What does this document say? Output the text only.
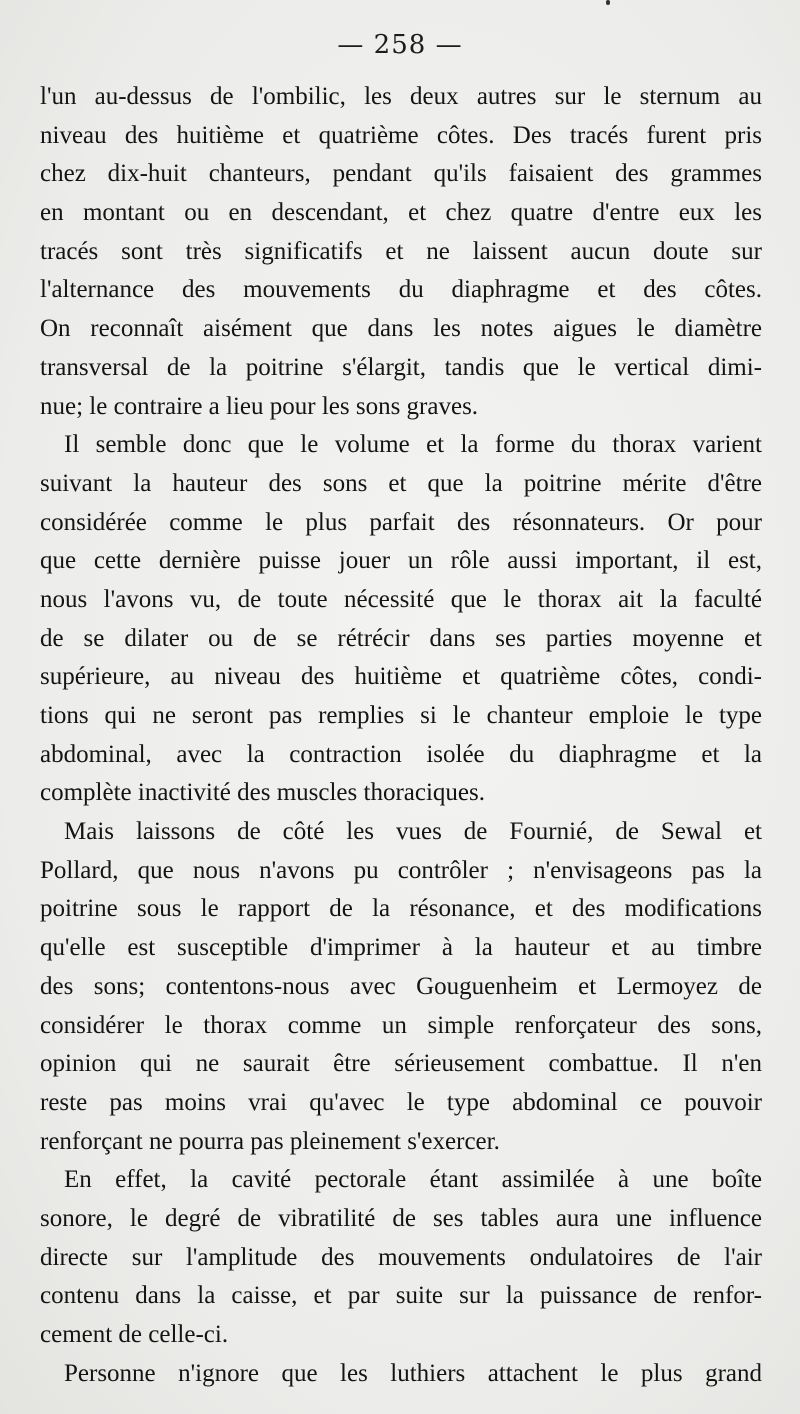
— 258 —
l'un au-dessus de l'ombilic, les deux autres sur le sternum au
niveau des huitième et quatrième côtes. Des tracés furent pris
chez dix-huit chanteurs, pendant qu'ils faisaient des grammes
en montant ou en descendant, et chez quatre d'entre eux les
tracés sont très significatifs et ne laissent aucun doute sur
l'alternance des mouvements du diaphragme et des côtes.
On reconnaît aisément que dans les notes aigues le diamètre
transversal de la poitrine s'élargit, tandis que le vertical dimi-
nue; le contraire a lieu pour les sons graves.
Il semble donc que le volume et la forme du thorax varient
suivant la hauteur des sons et que la poitrine mérite d'être
considérée comme le plus parfait des résonnateurs. Or pour
que cette dernière puisse jouer un rôle aussi important, il est,
nous l'avons vu, de toute nécessité que le thorax ait la faculté
de se dilater ou de se rétrécir dans ses parties moyenne et
supérieure, au niveau des huitième et quatrième côtes, condi-
tions qui ne seront pas remplies si le chanteur emploie le type
abdominal, avec la contraction isolée du diaphragme et la
complète inactivité des muscles thoraciques.
Mais laissons de côté les vues de Fournié, de Sewal et
Pollard, que nous n'avons pu contrôler ; n'envisageons pas la
poitrine sous le rapport de la résonance, et des modifications
qu'elle est susceptible d'imprimer à la hauteur et au timbre
des sons; contentons-nous avec Gouguenheim et Lermoyez de
considérer le thorax comme un simple renforçateur des sons,
opinion qui ne saurait être sérieusement combattue. Il n'en
reste pas moins vrai qu'avec le type abdominal ce pouvoir
renforçant ne pourra pas pleinement s'exercer.
En effet, la cavité pectorale étant assimilée à une boîte
sonore, le degré de vibratilité de ses tables aura une influence
directe sur l'amplitude des mouvements ondulatoires de l'air
contenu dans la caisse, et par suite sur la puissance de renfor-
cement de celle-ci.
Personne n'ignore que les luthiers attachent le plus grand
